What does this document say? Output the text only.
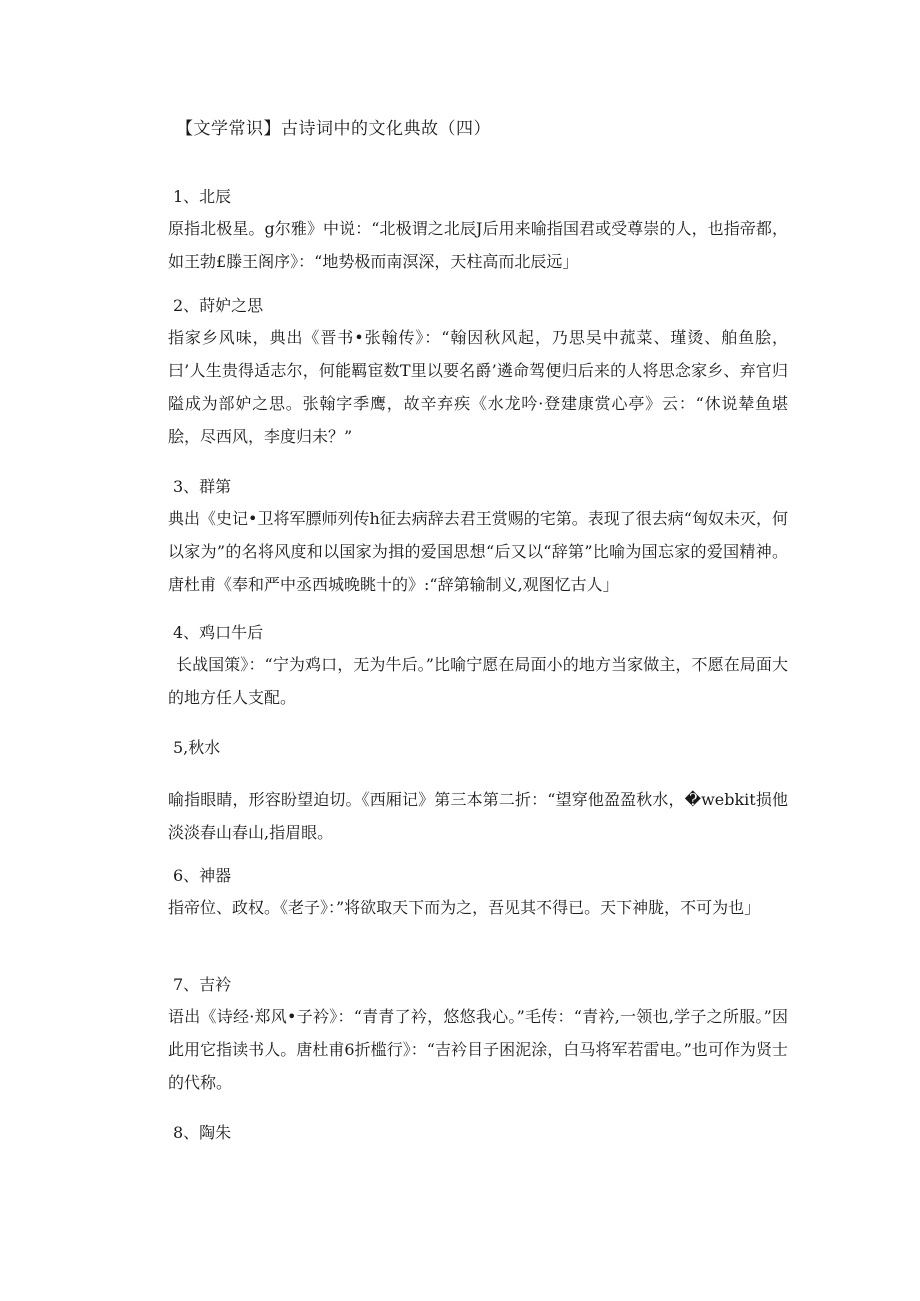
【文学常识】古诗词中的文化典故（四）
1、北辰
原指北极星。g尔雅》中说：“北极谓之北辰J后用来喻指国君或受尊崇的人，也指帝都，如王勃£滕王阁序》：“地势极而南溟深，天柱高而北辰远」
2、莳妒之思
指家乡风味，典出《晋书•张翰传》：“翰因秋风起，乃思吴中菰菜、瑾烫、舶鱼脍，曰’人生贵得适志尔，何能羁宦数T里以要名爵’遴命驾便归后来的人将思念家乡、弃官归隘成为部妒之思。张翰字季鹰，故辛弃疾《水龙吟·登建康赏心亭》云：“休说辇鱼堪脍，尽西风，李度归未？”
3、群第
典出《史记•卫将军膘师列传h征去病辞去君王赏赐的宅第。表现了很去病“匈奴未灭，何以家为”的名将风度和以国家为揖的爱国思想“后又以“辞第”比喻为国忘家的爱国精神。唐杜甫《奉和严中丞西城晚眺十的》:“辞第输制义,观图忆古人」
4、鸡口牛后
长战国策》：“宁为鸡口，无为牛后。”比喻宁愿在局面小的地方当家做主，不愿在局面大的地方任人支配。
5,秋水
喻指眼睛，形容盼望迫切。《西厢记》第三本第二折：“望穿他盈盈秋水，�webkit损他淡淡春山春山,指眉眼。
6、神器
指帝位、政权。《老子》：”将欲取天下而为之，吾见其不得已。天下神胧，不可为也」
7、吉衿
语出《诗经·郑风•子衿》：“青青了衿，悠悠我心。”毛传：“青衿,一领也,学子之所服。”因此用它指读书人。唐杜甫6折槛行》：“吉衿目子困泥涂，白马将军若雷电。”也可作为贤士的代称。
8、陶朱
